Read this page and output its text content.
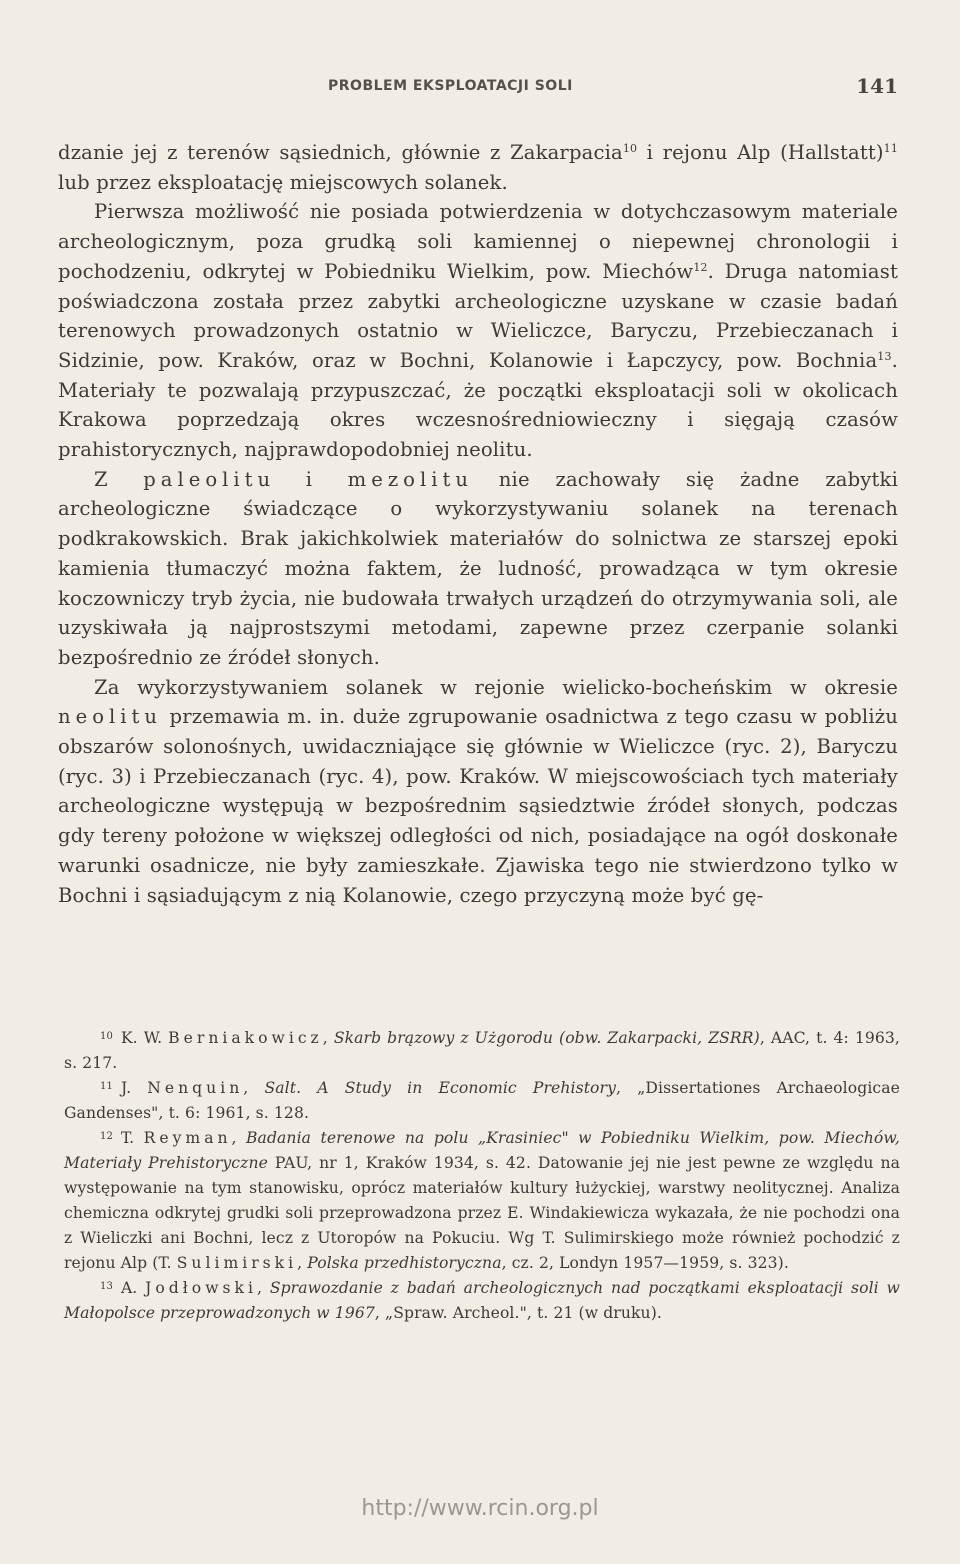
PROBLEM EKSPLOATACJI SOLI	141

dzanie jej z terenów sąsiednich, głównie z Zakarpacia$^{10}$ i rejonu Alp (Hallstatt)$^{11}$ lub przez eksploatację miejscowych solanek.

Pierwsza możliwość nie posiada potwierdzenia w dotychczasowym materiale archeologicznym, poza grudką soli kamiennej o niepewnej chronologii i pochodzeniu, odkrytej w Pobiedniku Wielkim, pow. Miechów$^{12}$. Druga natomiast poświadczona została przez zabytki archeologiczne uzyskane w czasie badań terenowych prowadzonych ostatnio w Wieliczce, Baryczu, Przebieczanach i Sidzinie, pow. Kraków, oraz w Bochni, Kolanowie i Łapczycy, pow. Bochnia$^{13}$. Materiały te pozwalają przypuszczać, że początki eksploatacji soli w okolicach Krakowa poprzedzają okres wczesnośredniowieczny i sięgają czasów prahistorycznych, najprawdopodobniej neolitu.

Z paleolitu i mezolitu nie zachowały się żadne zabytki archeologiczne świadczące o wykorzystywaniu solanek na terenach podkrakowskich. Brak jakichkolwiek materiałów do solnictwa ze starszej epoki kamienia tłumaczyć można faktem, że ludność, prowadząca w tym okresie koczowniczy tryb życia, nie budowała trwałych urządzeń do otrzymywania soli, ale uzyskiwała ją najprostszymi metodami, zapewne przez czerpanie solanki bezpośrednio ze źródeł słonych.

Za wykorzystywaniem solanek w rejonie wielicko-bocheńskim w okresie neolitu przemawia m. in. duże zgrupowanie osadnictwa z tego czasu w pobliżu obszarów solonośnych, uwidaczniające się głównie w Wieliczce (ryc. 2), Baryczu (ryc. 3) i Przebieczanach (ryc. 4), pow. Kraków. W miejscowościach tych materiały archeologiczne występują w bezpośrednim sąsiedztwie źródeł słonych, podczas gdy tereny położone w większej odległości od nich, posiadające na ogół doskonałe warunki osadnicze, nie były zamieszkałe. Zjawiska tego nie stwierdzono tylko w Bochni i sąsiadującym z nią Kolanowie, czego przyczyną może być gę-

$^{10}$ K. W. Berniakowicz, Skarb brązowy z Użgorodu (obw. Zakarpacki, ZSRR), AAC, t. 4: 1963, s. 217.

$^{11}$ J. Nenquin, Salt. A Study in Economic Prehistory, „Dissertationes Archaeologicae Gandenses", t. 6: 1961, s. 128.

$^{12}$ T. Reyman, Badania terenowe na polu „Krasiniec" w Pobiedniku Wielkim, pow. Miechów, Materiały Prehistoryczne PAU, nr 1, Kraków 1934, s. 42. Datowanie jej nie jest pewne ze względu na występowanie na tym stanowisku, oprócz materiałów kultury łużyckiej, warstwy neolitycznej. Analiza chemiczna odkrytej grudki soli przeprowadzona przez E. Windakiewicza wykazała, że nie pochodzi ona z Wieliczki ani Bochni, lecz z Utoropów na Pokuciu. Wg T. Sulimirskiego może również pochodzić z rejonu Alp (T. Sulimirski, Polska przedhistoryczna, cz. 2, Londyn 1957—1959, s. 323).

$^{13}$ A. Jodłowski, Sprawozdanie z badań archeologicznych nad początkami eksploatacji soli w Małopolsce przeprowadzonych w 1967, „Spraw. Archeol.", t. 21 (w druku).

http://www.rcin.org.pl
